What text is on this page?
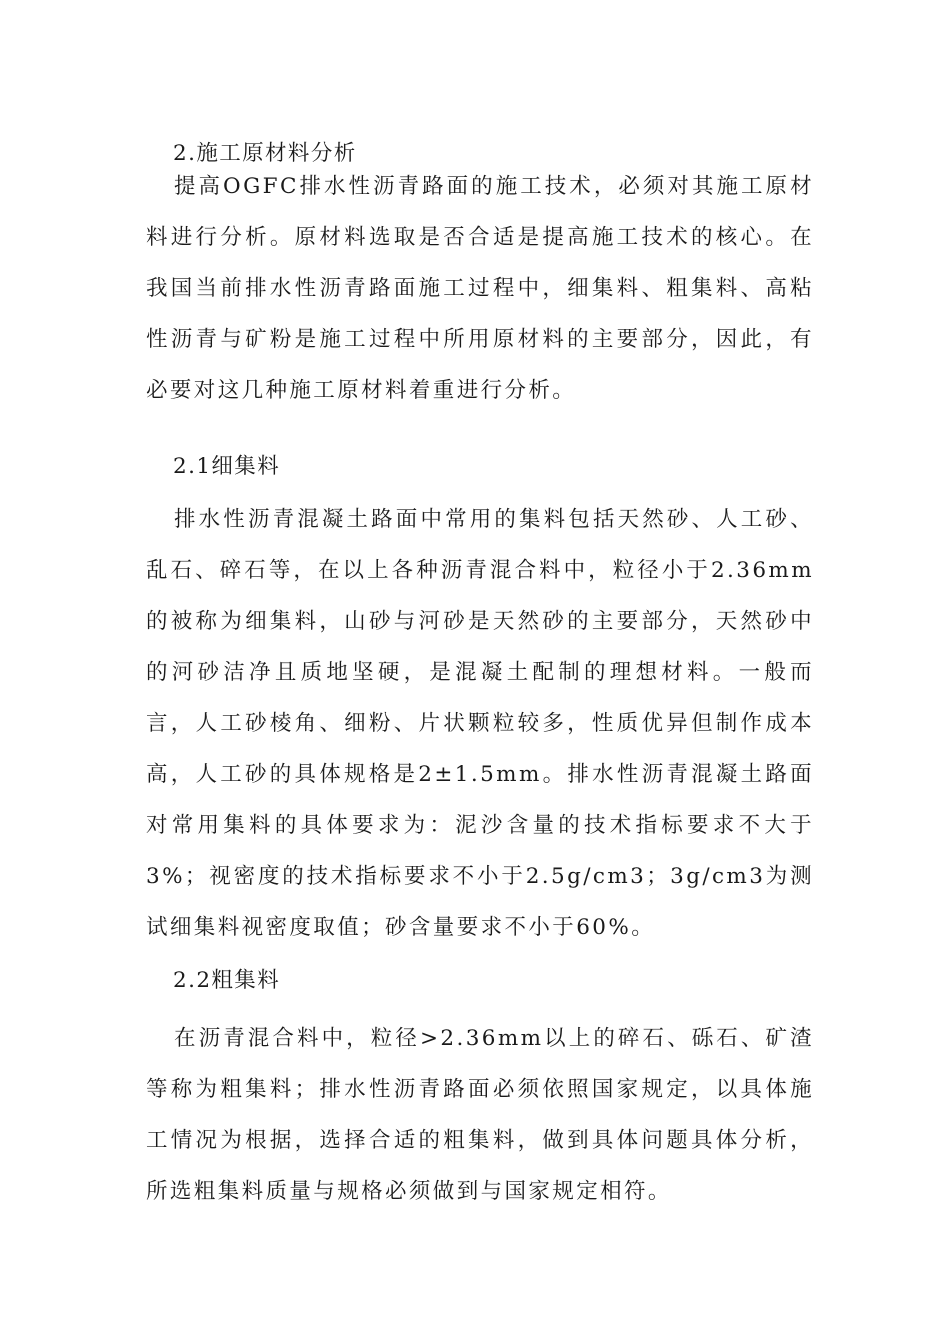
2.施工原材料分析

提高OGFC排水性沥青路面的施工技术，必须对其施工原材料进行分析。原材料选取是否合适是提高施工技术的核心。在我国当前排水性沥青路面施工过程中，细集料、粗集料、高粘性沥青与矿粉是施工过程中所用原材料的主要部分，因此，有必要对这几种施工原材料着重进行分析。

2.1细集料

排水性沥青混凝土路面中常用的集料包括天然砂、人工砂、乱石、碎石等，在以上各种沥青混合料中，粒径小于2.36mm的被称为细集料，山砂与河砂是天然砂的主要部分，天然砂中的河砂洁净且质地坚硬，是混凝土配制的理想材料。一般而言，人工砂棱角、细粉、片状颗粒较多，性质优异但制作成本高，人工砂的具体规格是2±1.5mm。排水性沥青混凝土路面对常用集料的具体要求为：泥沙含量的技术指标要求不大于3%；视密度的技术指标要求不小于2.5g/cm3；3g/cm3为测试细集料视密度取值；砂含量要求不小于60%。

2.2粗集料

在沥青混合料中，粒径>2.36mm以上的碎石、砾石、矿渣等称为粗集料；排水性沥青路面必须依照国家规定，以具体施工情况为根据，选择合适的粗集料，做到具体问题具体分析，所选粗集料质量与规格必须做到与国家规定相符。
